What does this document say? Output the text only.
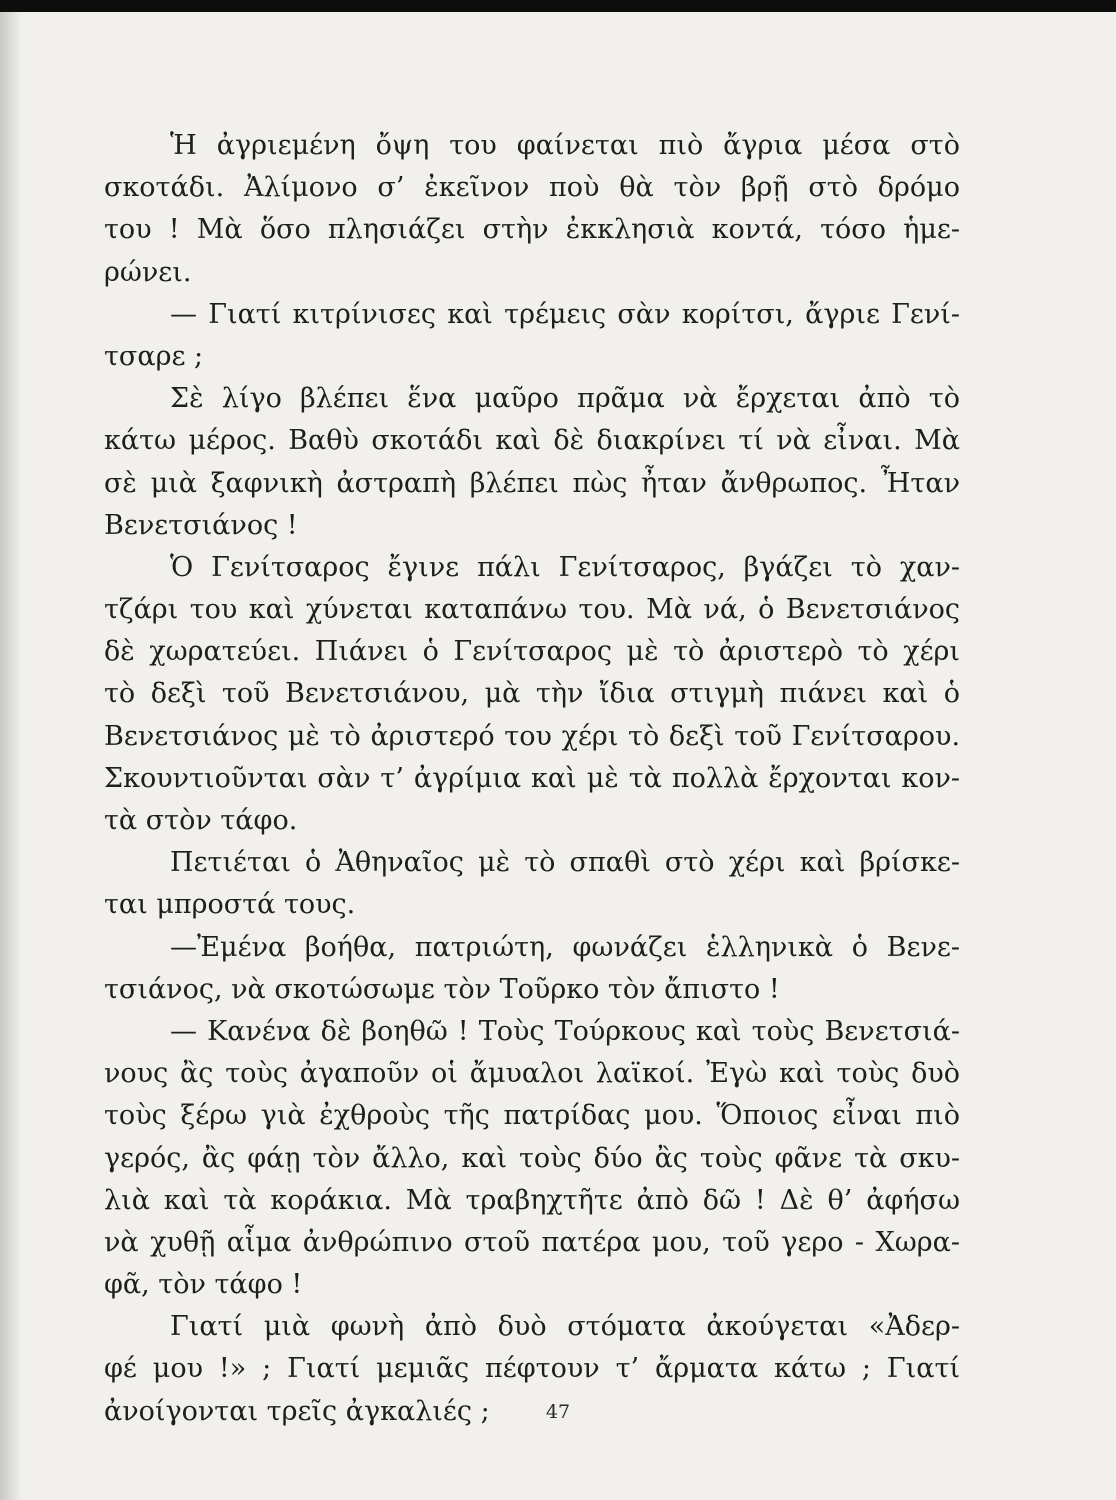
Ἡ ἀγριεμένη ὄψη του φαίνεται πιὸ ἄγρια μέσα στὸ
σκοτάδι. Ἀλίμονο σ’ ἐκεῖνον ποὺ θὰ τὸν βρῇ στὸ δρόμο
του ! Μὰ ὅσο πλησιάζει στὴν ἐκκλησιὰ κοντά, τόσο ἡμε-
ρώνει.
— Γιατί κιτρίνισες καὶ τρέμεις σὰν κορίτσι, ἄγριε Γενί-
τσαρε ;
Σὲ λίγο βλέπει ἕνα μαῦρο πρᾶμα νὰ ἔρχεται ἀπὸ τὸ
κάτω μέρος. Βαθὺ σκοτάδι καὶ δὲ διακρίνει τί νὰ εἶναι. Μὰ
σὲ μιὰ ξαφνικὴ ἀστραπὴ βλέπει πὼς ἦταν ἄνθρωπος. Ἦταν
Βενετσιάνος !
Ὁ Γενίτσαρος ἔγινε πάλι Γενίτσαρος, βγάζει τὸ χαν-
τζάρι του καὶ χύνεται καταπάνω του. Μὰ νά, ὁ Βενετσιάνος
δὲ χωρατεύει. Πιάνει ὁ Γενίτσαρος μὲ τὸ ἀριστερὸ τὸ χέρι
τὸ δεξὶ τοῦ Βενετσιάνου, μὰ τὴν ἴδια στιγμὴ πιάνει καὶ ὁ
Βενετσιάνος μὲ τὸ ἀριστερό του χέρι τὸ δεξὶ τοῦ Γενίτσαρου.
Σκουντιοῦνται σὰν τ’ ἀγρίμια καὶ μὲ τὰ πολλὰ ἔρχονται κον-
τὰ στὸν τάφο.
Πετιέται ὁ Ἀθηναῖος μὲ τὸ σπαθὶ στὸ χέρι καὶ βρίσκε-
ται μπροστά τους.
—Ἐμένα βοήθα, πατριώτη, φωνάζει ἑλληνικὰ ὁ Βενε-
τσιάνος, νὰ σκοτώσωμε τὸν Τοῦρκο τὸν ἄπιστο !
— Κανένα δὲ βοηθῶ ! Τοὺς Τούρκους καὶ τοὺς Βενετσιά-
νους ἂς τοὺς ἀγαποῦν οἱ ἄμυαλοι λαϊκοί. Ἐγὼ καὶ τοὺς δυὸ
τοὺς ξέρω γιὰ ἐχθροὺς τῆς πατρίδας μου. Ὅποιος εἶναι πιὸ
γερός, ἂς φάῃ τὸν ἄλλο, καὶ τοὺς δύο ἂς τοὺς φᾶνε τὰ σκυ-
λιὰ καὶ τὰ κοράκια. Μὰ τραβηχτῆτε ἀπὸ δῶ ! Δὲ θ’ ἀφήσω
νὰ χυθῇ αἷμα ἀνθρώπινο στοῦ πατέρα μου, τοῦ γερο - Χωρα-
φᾶ, τὸν τάφο !
Γιατί μιὰ φωνὴ ἀπὸ δυὸ στόματα ἀκούγεται «Ἀδερ-
φέ μου !» ; Γιατί μεμιᾶς πέφτουν τ’ ἄρματα κάτω ; Γιατί
ἀνοίγονται τρεῖς ἀγκαλιές ;	47
